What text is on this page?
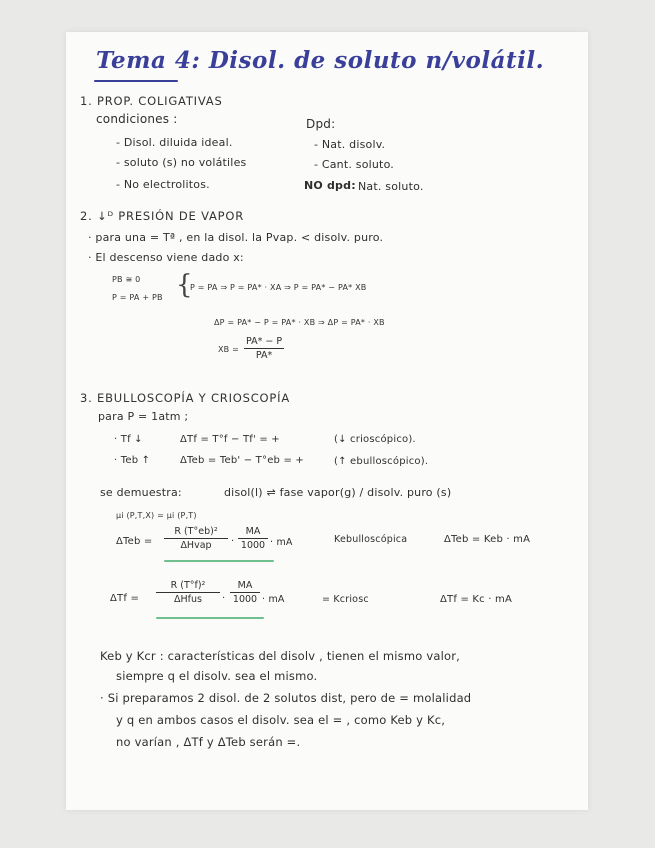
Tema 4: Disol. de soluto n/volátil.
1. PROP. COLIGATIVAS
condiciones :
- Disol. diluida ideal.
- soluto (s) no volátiles
- No electrolitos.
Dpd:
- Nat. disolv.
- Cant. soluto.
NO dpd: Nat. soluto.
2. ↓ᴰ PRESIÓN DE VAPOR
· para una = Tª , en la disol. la Pvap. < disolv. puro.
· El descenso viene dado x:
PB ≅ 0
P = PA + PB {
P = PA ⇒ P = PA* · XA ⇒ P = PA* − PA* XB
ΔP = PA* − P = PA* · XB ⇒ ΔP = PA* · XB
XB =
PA* − P
PA*
3. EBULLOSCOPÍA Y CRIOSCOPÍA
para P = 1atm ;
· Tf ↓	ΔTf = T°f − Tf' = +	(↓ crioscópico).
· Teb ↑	ΔTeb = Teb' − T°eb = +	(↑ ebulloscópico).
se demuestra:	disol(l) ⇌ fase vapor(g) / disolv. puro (s)
μi (P,T,X) = μi (P,T)
ΔTeb =
R (T°eb)²
ΔHvap	·
MA
1000 · mA	Kebulloscópica	ΔTeb = Keb · mA
ΔTf =
R (T°f)²
ΔHfus	·
MA
1000 · mA	= Kcriosc	ΔTf = Kc · mA
Keb y Kcr : características del disolv , tienen el mismo valor,
siempre q el disolv. sea el mismo.
· Si preparamos 2 disol. de 2 solutos dist, pero de = molalidad
y q en ambos casos el disolv. sea el = , como Keb y Kc,
no varían , ΔTf y ΔTeb serán =.
